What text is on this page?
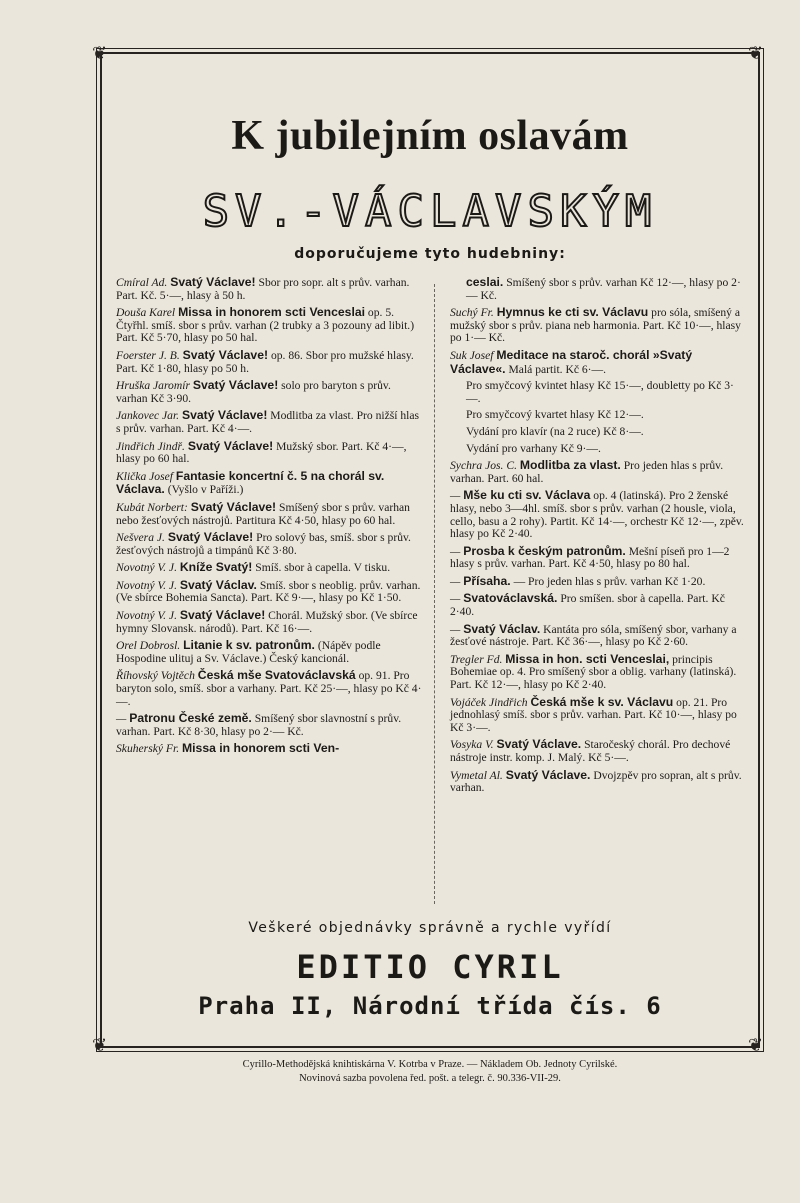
❦	❦
❦	❦
K jubilejním oslavám
SV.-VÁCLAVSKÝM
doporučujeme tyto hudebniny:
Cmíral Ad. Svatý Václave! Sbor pro sopr. alt s prův. varhan. Part. Kč. 5·—, hlasy à 50 h.
Douša Karel Missa in honorem scti Venceslai op. 5. Čtyřhl. smíš. sbor s prův. varhan (2 trubky a 3 pozouny ad libit.) Part. Kč 5·70, hlasy po 50 hal.
Foerster J. B. Svatý Václave! op. 86. Sbor pro mužské hlasy. Part. Kč 1·80, hlasy po 50 h.
Hruška Jaromír Svatý Václave! solo pro baryton s prův. varhan Kč 3·90.
Jankovec Jar. Svatý Václave! Modlitba za vlast. Pro nižší hlas s prův. varhan. Part. Kč 4·—.
Jindřich Jindř. Svatý Václave! Mužský sbor. Part. Kč 4·—, hlasy po 60 hal.
Klička Josef Fantasie koncertní č. 5 na chorál sv. Václava. (Vyšlo v Paříži.)
Kubát Norbert: Svatý Václave! Smíšený sbor s prův. varhan nebo žesťových nástrojů. Partitura Kč 4·50, hlasy po 60 hal.
Nešvera J. Svatý Václave! Pro solový bas, smíš. sbor s prův. žesťových nástrojů a timpánů Kč 3·80.
Novotný V. J. Kníže Svatý! Smíš. sbor à capella. V tisku.
Novotný V. J. Svatý Václav. Smíš. sbor s neoblig. prův. varhan. (Ve sbírce Bohemia Sancta). Part. Kč 9·—, hlasy po Kč 1·50.
Novotný V. J. Svatý Václave! Chorál. Mužský sbor. (Ve sbírce hymny Slovansk. národů). Part. Kč 16·—.
Orel Dobrosl. Litanie k sv. patronům. (Nápěv podle Hospodine ulituj a Sv. Václave.) Český kancionál.
Říhovský Vojtěch Česká mše Svatováclavská op. 91. Pro baryton solo, smíš. sbor a varhany. Part. Kč 25·—, hlasy po Kč 4·—.
— Patronu České země. Smíšený sbor slavnostní s prův. varhan. Part. Kč 8·30, hlasy po 2·— Kč.
Skuherský Fr. Missa in honorem scti Ven-
ceslai. Smíšený sbor s prův. varhan Kč 12·—, hlasy po 2·— Kč.
Suchý Fr. Hymnus ke cti sv. Václavu pro sóla, smíšený a mužský sbor s prův. piana neb harmonia. Part. Kč 10·—, hlasy po 1·— Kč.
Suk Josef Meditace na staroč. chorál »Svatý Václave«. Malá partit. Kč 6·—.
Pro smyčcový kvintet hlasy Kč 15·—, doubletty po Kč 3·—.
Pro smyčcový kvartet hlasy Kč 12·—.
Vydání pro klavír (na 2 ruce) Kč 8·—.
Vydání pro varhany Kč 9·—.
Sychra Jos. C. Modlitba za vlast. Pro jeden hlas s prův. varhan. Part. 60 hal.
— Mše ku cti sv. Václava op. 4 (latinská). Pro 2 ženské hlasy, nebo 3—4hl. smíš. sbor s prův. varhan (2 housle, viola, cello, basu a 2 rohy). Partit. Kč 14·—, orchestr Kč 12·—, zpěv. hlasy po Kč 2·40.
— Prosba k českým patronům. Mešní píseň pro 1—2 hlasy s prův. varhan. Part. Kč 4·50, hlasy po 80 hal.
— Přísaha. — Pro jeden hlas s prův. varhan Kč 1·20.
— Svatováclavská. Pro smíšen. sbor à capella. Part. Kč 2·40.
— Svatý Václav. Kantáta pro sóla, smíšený sbor, varhany a žesťové nástroje. Part. Kč 36·—, hlasy po Kč 2·60.
Tregler Fd. Missa in hon. scti Venceslai, principis Bohemiae op. 4. Pro smíšený sbor a oblig. varhany (latinská). Part. Kč 12·—, hlasy po Kč 2·40.
Vojáček Jindřich Česká mše k sv. Václavu op. 21. Pro jednohlasý smíš. sbor s prův. varhan. Part. Kč 10·—, hlasy po Kč 3·—.
Vosyka V. Svatý Václave. Staročeský chorál. Pro dechové nástroje instr. komp. J. Malý. Kč 5·—.
Vymetal Al. Svatý Václave. Dvojzpěv pro sopran, alt s prův. varhan.
Veškeré objednávky správně a rychle vyřídí
EDITIO CYRIL
Praha II, Národní třída čís. 6
Cyrillo-Methodějská knihtiskárna V. Kotrba v Praze. — Nákladem Ob. Jednoty Cyrilské.
Novinová sazba povolena řed. pošt. a telegr. č. 90.336-VII-29.
